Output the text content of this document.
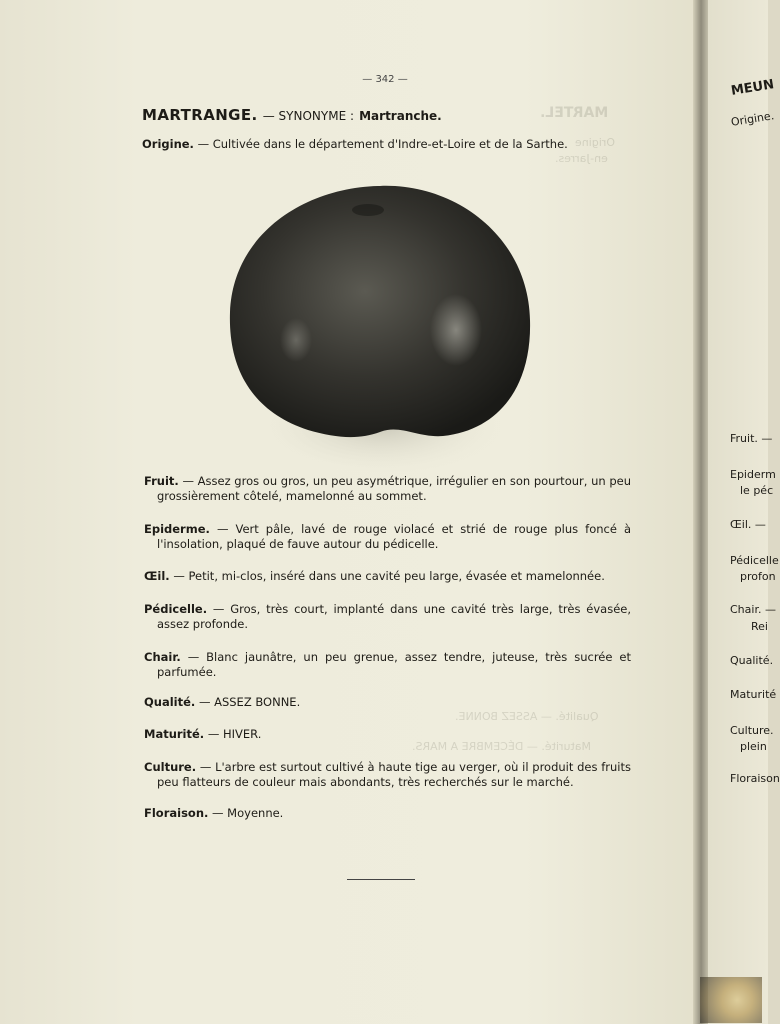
— 342 —
MARTEL.
Origine
en-Jarres.
Qualité. — ASSEZ BONNE.
Maturité. — DÉCEMBRE A MARS.
MARTRANGE. — SYNONYME : Martranche.
Origine. — Cultivée dans le département d'Indre-et-Loire et de la Sarthe.
Fruit. — Assez gros ou gros, un peu asymétrique, irrégulier en son pourtour, un peu grossièrement côtelé, mamelonné au sommet.
Epiderme. — Vert pâle, lavé de rouge violacé et strié de rouge plus foncé à l'insolation, plaqué de fauve autour du pédicelle.
Œil. — Petit, mi-clos, inséré dans une cavité peu large, évasée et mamelonnée.
Pédicelle. — Gros, très court, implanté dans une cavité très large, très évasée, assez profonde.
Chair. — Blanc jaunâtre, un peu grenue, assez tendre, juteuse, très sucrée et parfumée.
Qualité. — ASSEZ BONNE.
Maturité. — HIVER.
Culture. — L'arbre est surtout cultivé à haute tige au verger, où il produit des fruits peu flatteurs de couleur mais abondants, très recherchés sur le marché.
Floraison. — Moyenne.
MEUN
Origine.
Fruit. —
Epiderm
le péc
Œil. —
Pédicelle
profon
Chair. —
Rei
Qualité.
Maturité
Culture.
plein
Floraison
